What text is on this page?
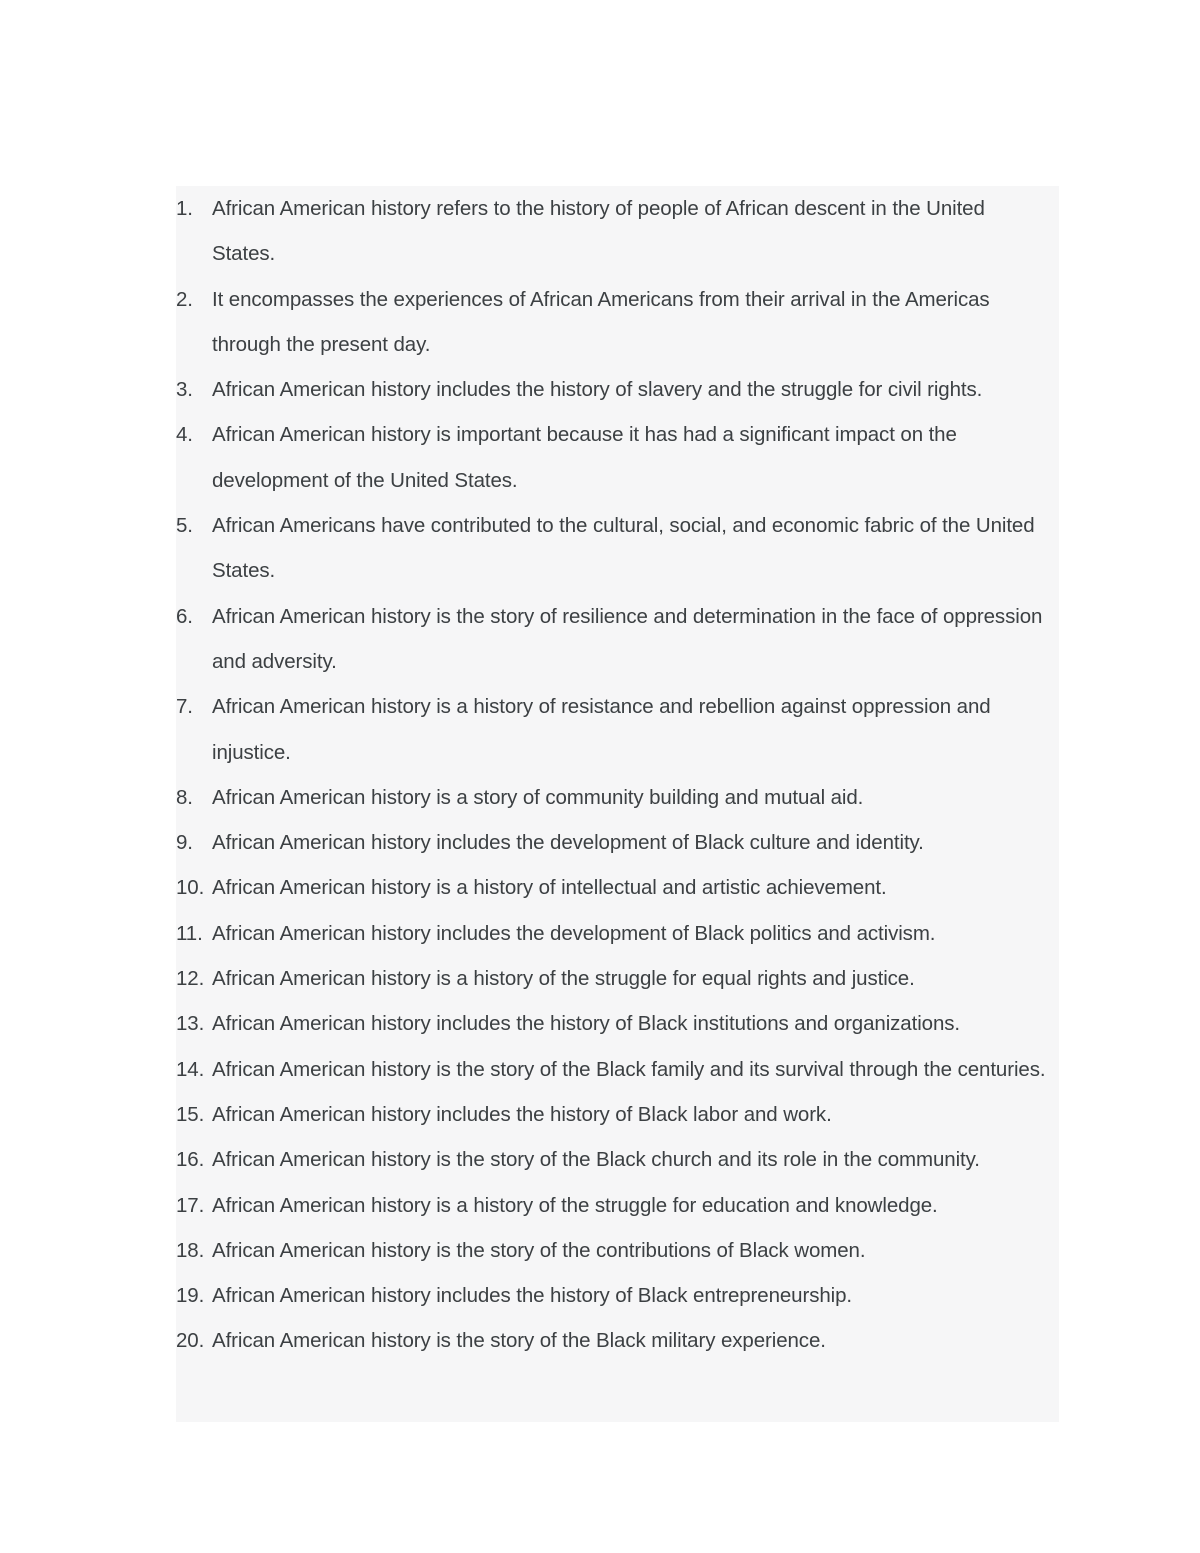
1. African American history refers to the history of people of African descent in the United States.
2. It encompasses the experiences of African Americans from their arrival in the Americas through the present day.
3. African American history includes the history of slavery and the struggle for civil rights.
4. African American history is important because it has had a significant impact on the development of the United States.
5. African Americans have contributed to the cultural, social, and economic fabric of the United States.
6. African American history is the story of resilience and determination in the face of oppression and adversity.
7. African American history is a history of resistance and rebellion against oppression and injustice.
8. African American history is a story of community building and mutual aid.
9. African American history includes the development of Black culture and identity.
10. African American history is a history of intellectual and artistic achievement.
11. African American history includes the development of Black politics and activism.
12. African American history is a history of the struggle for equal rights and justice.
13. African American history includes the history of Black institutions and organizations.
14. African American history is the story of the Black family and its survival through the centuries.
15. African American history includes the history of Black labor and work.
16. African American history is the story of the Black church and its role in the community.
17. African American history is a history of the struggle for education and knowledge.
18. African American history is the story of the contributions of Black women.
19. African American history includes the history of Black entrepreneurship.
20. African American history is the story of the Black military experience.
